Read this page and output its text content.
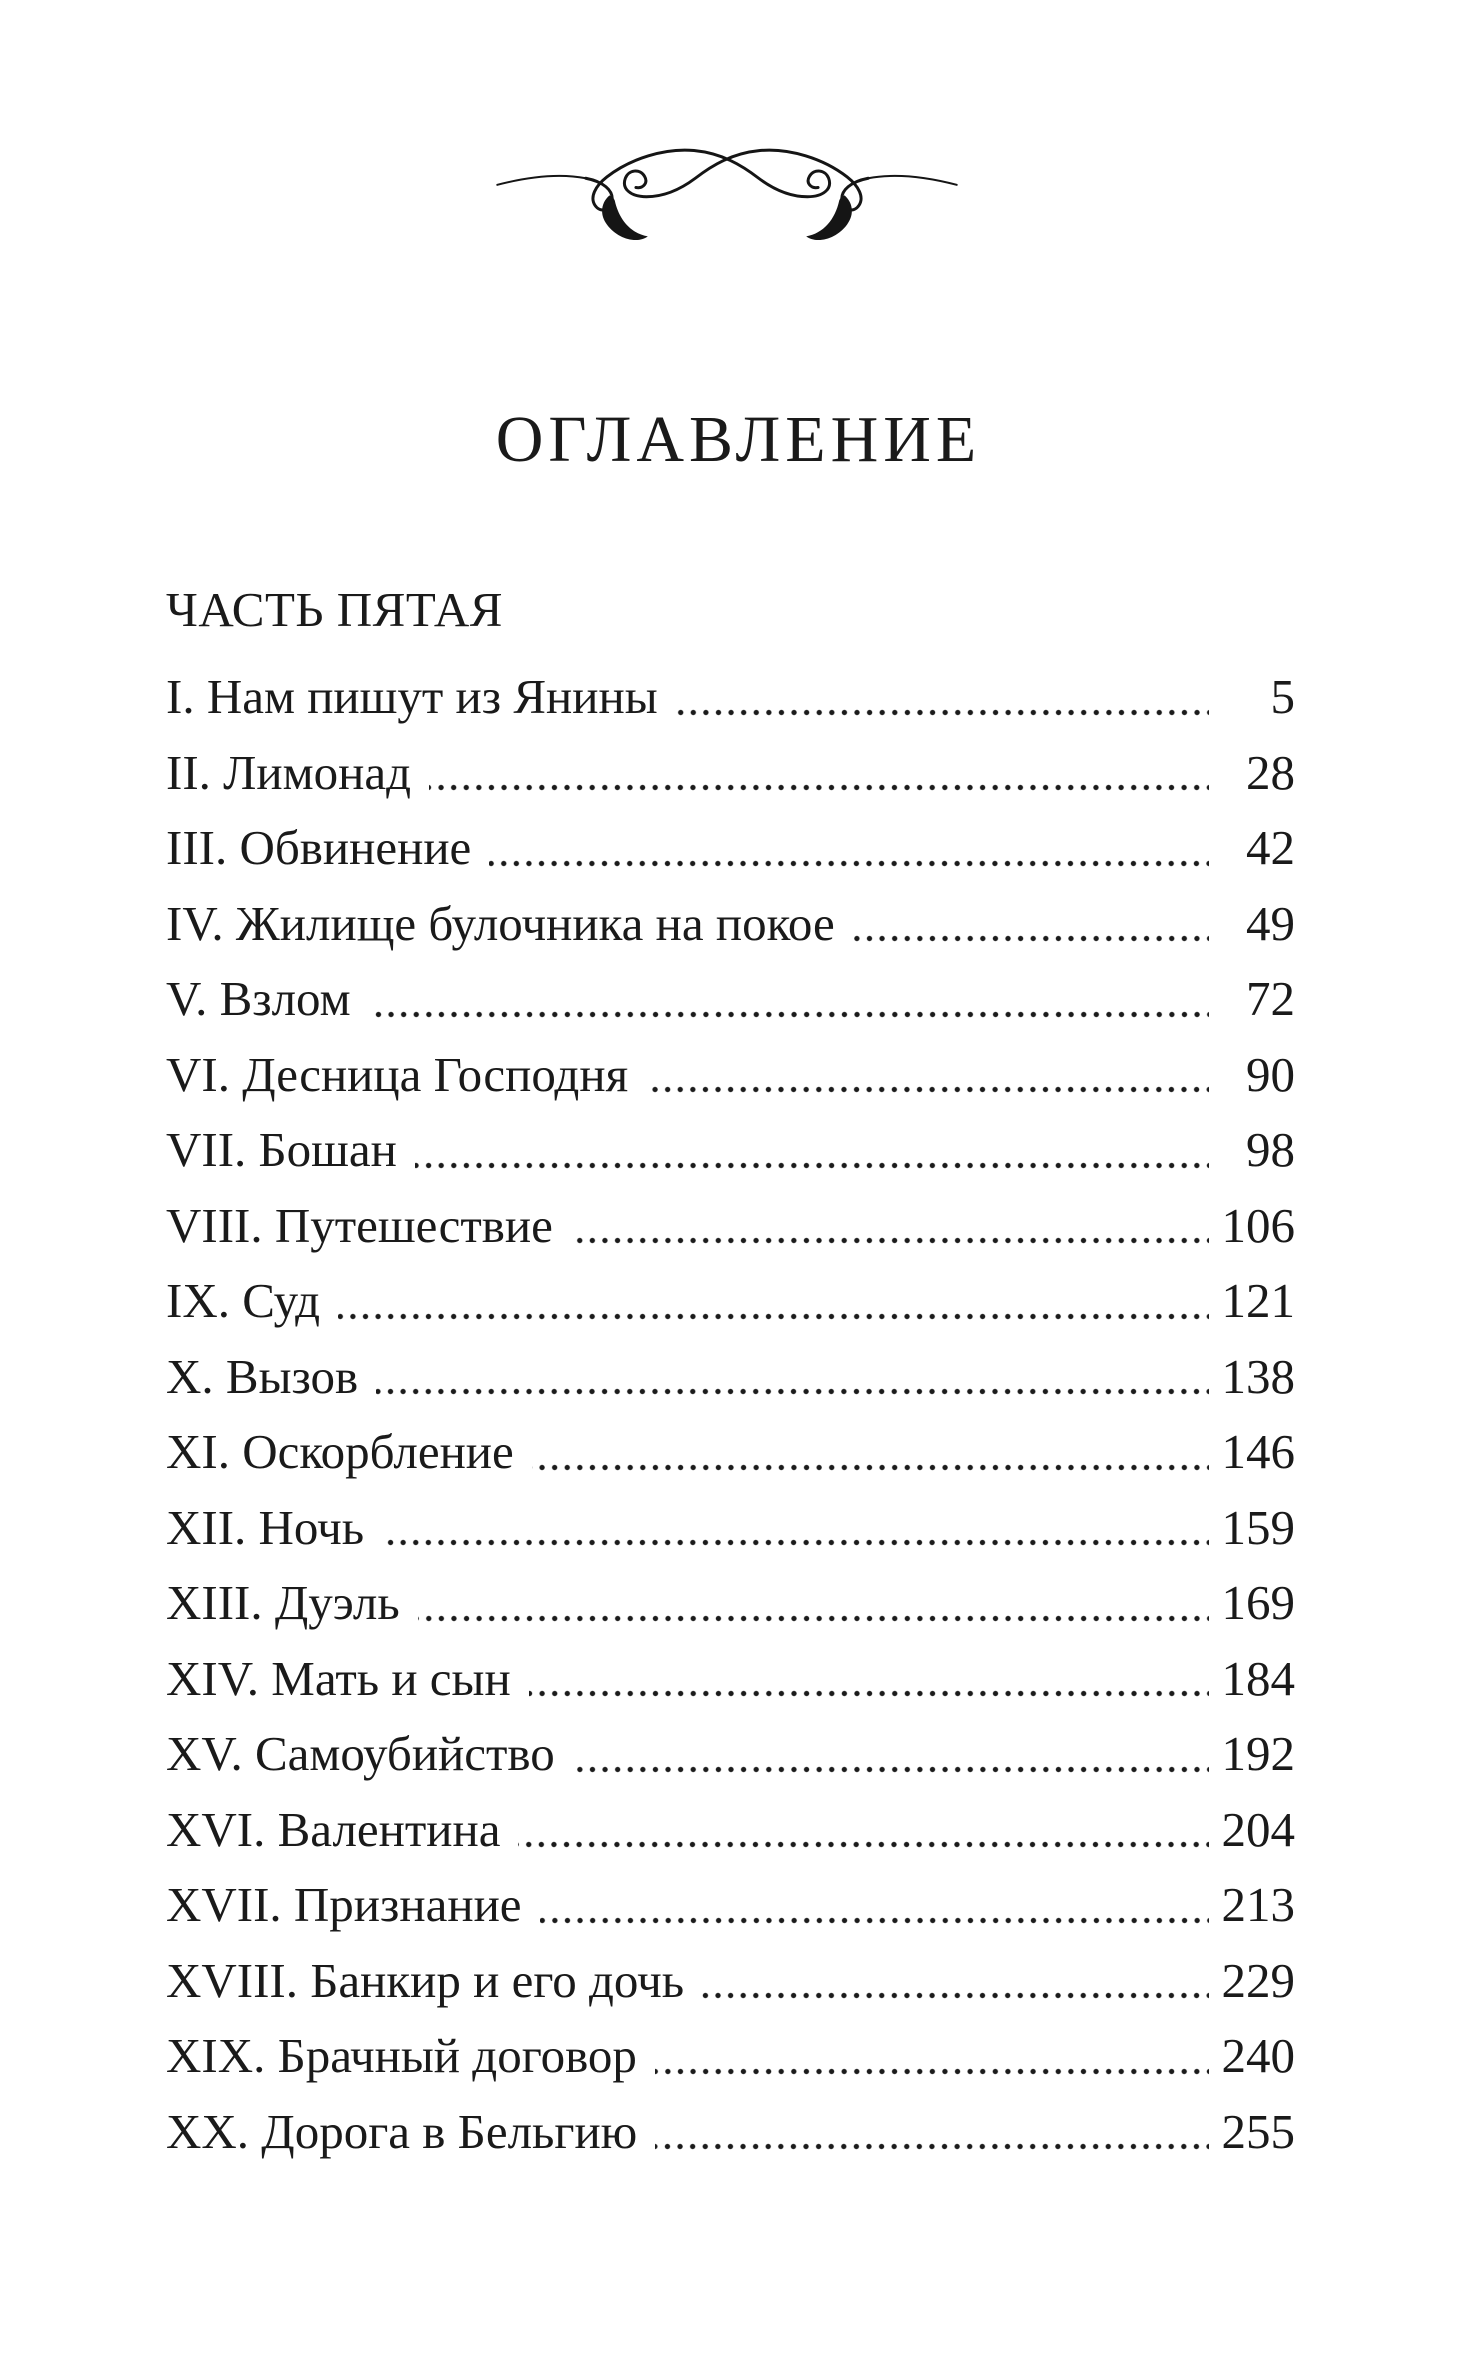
ОГЛАВЛЕНИЕ
ЧАСТЬ ПЯТАЯ
I. Нам пишут из Янины	5
II. Лимонад	28
III. Обвинение	42
IV. Жилище булочника на покое	49
V. Взлом	72
VI. Десница Господня	90
VII. Бошан	98
VIII. Путешествие	106
IX. Суд	121
X. Вызов	138
XI. Оскорбление	146
XII. Ночь	159
XIII. Дуэль	169
XIV. Мать и сын	184
XV. Самоубийство	192
XVI. Валентина	204
XVII. Признание	213
XVIII. Банкир и его дочь	229
XIX. Брачный договор	240
XX. Дорога в Бельгию	255
